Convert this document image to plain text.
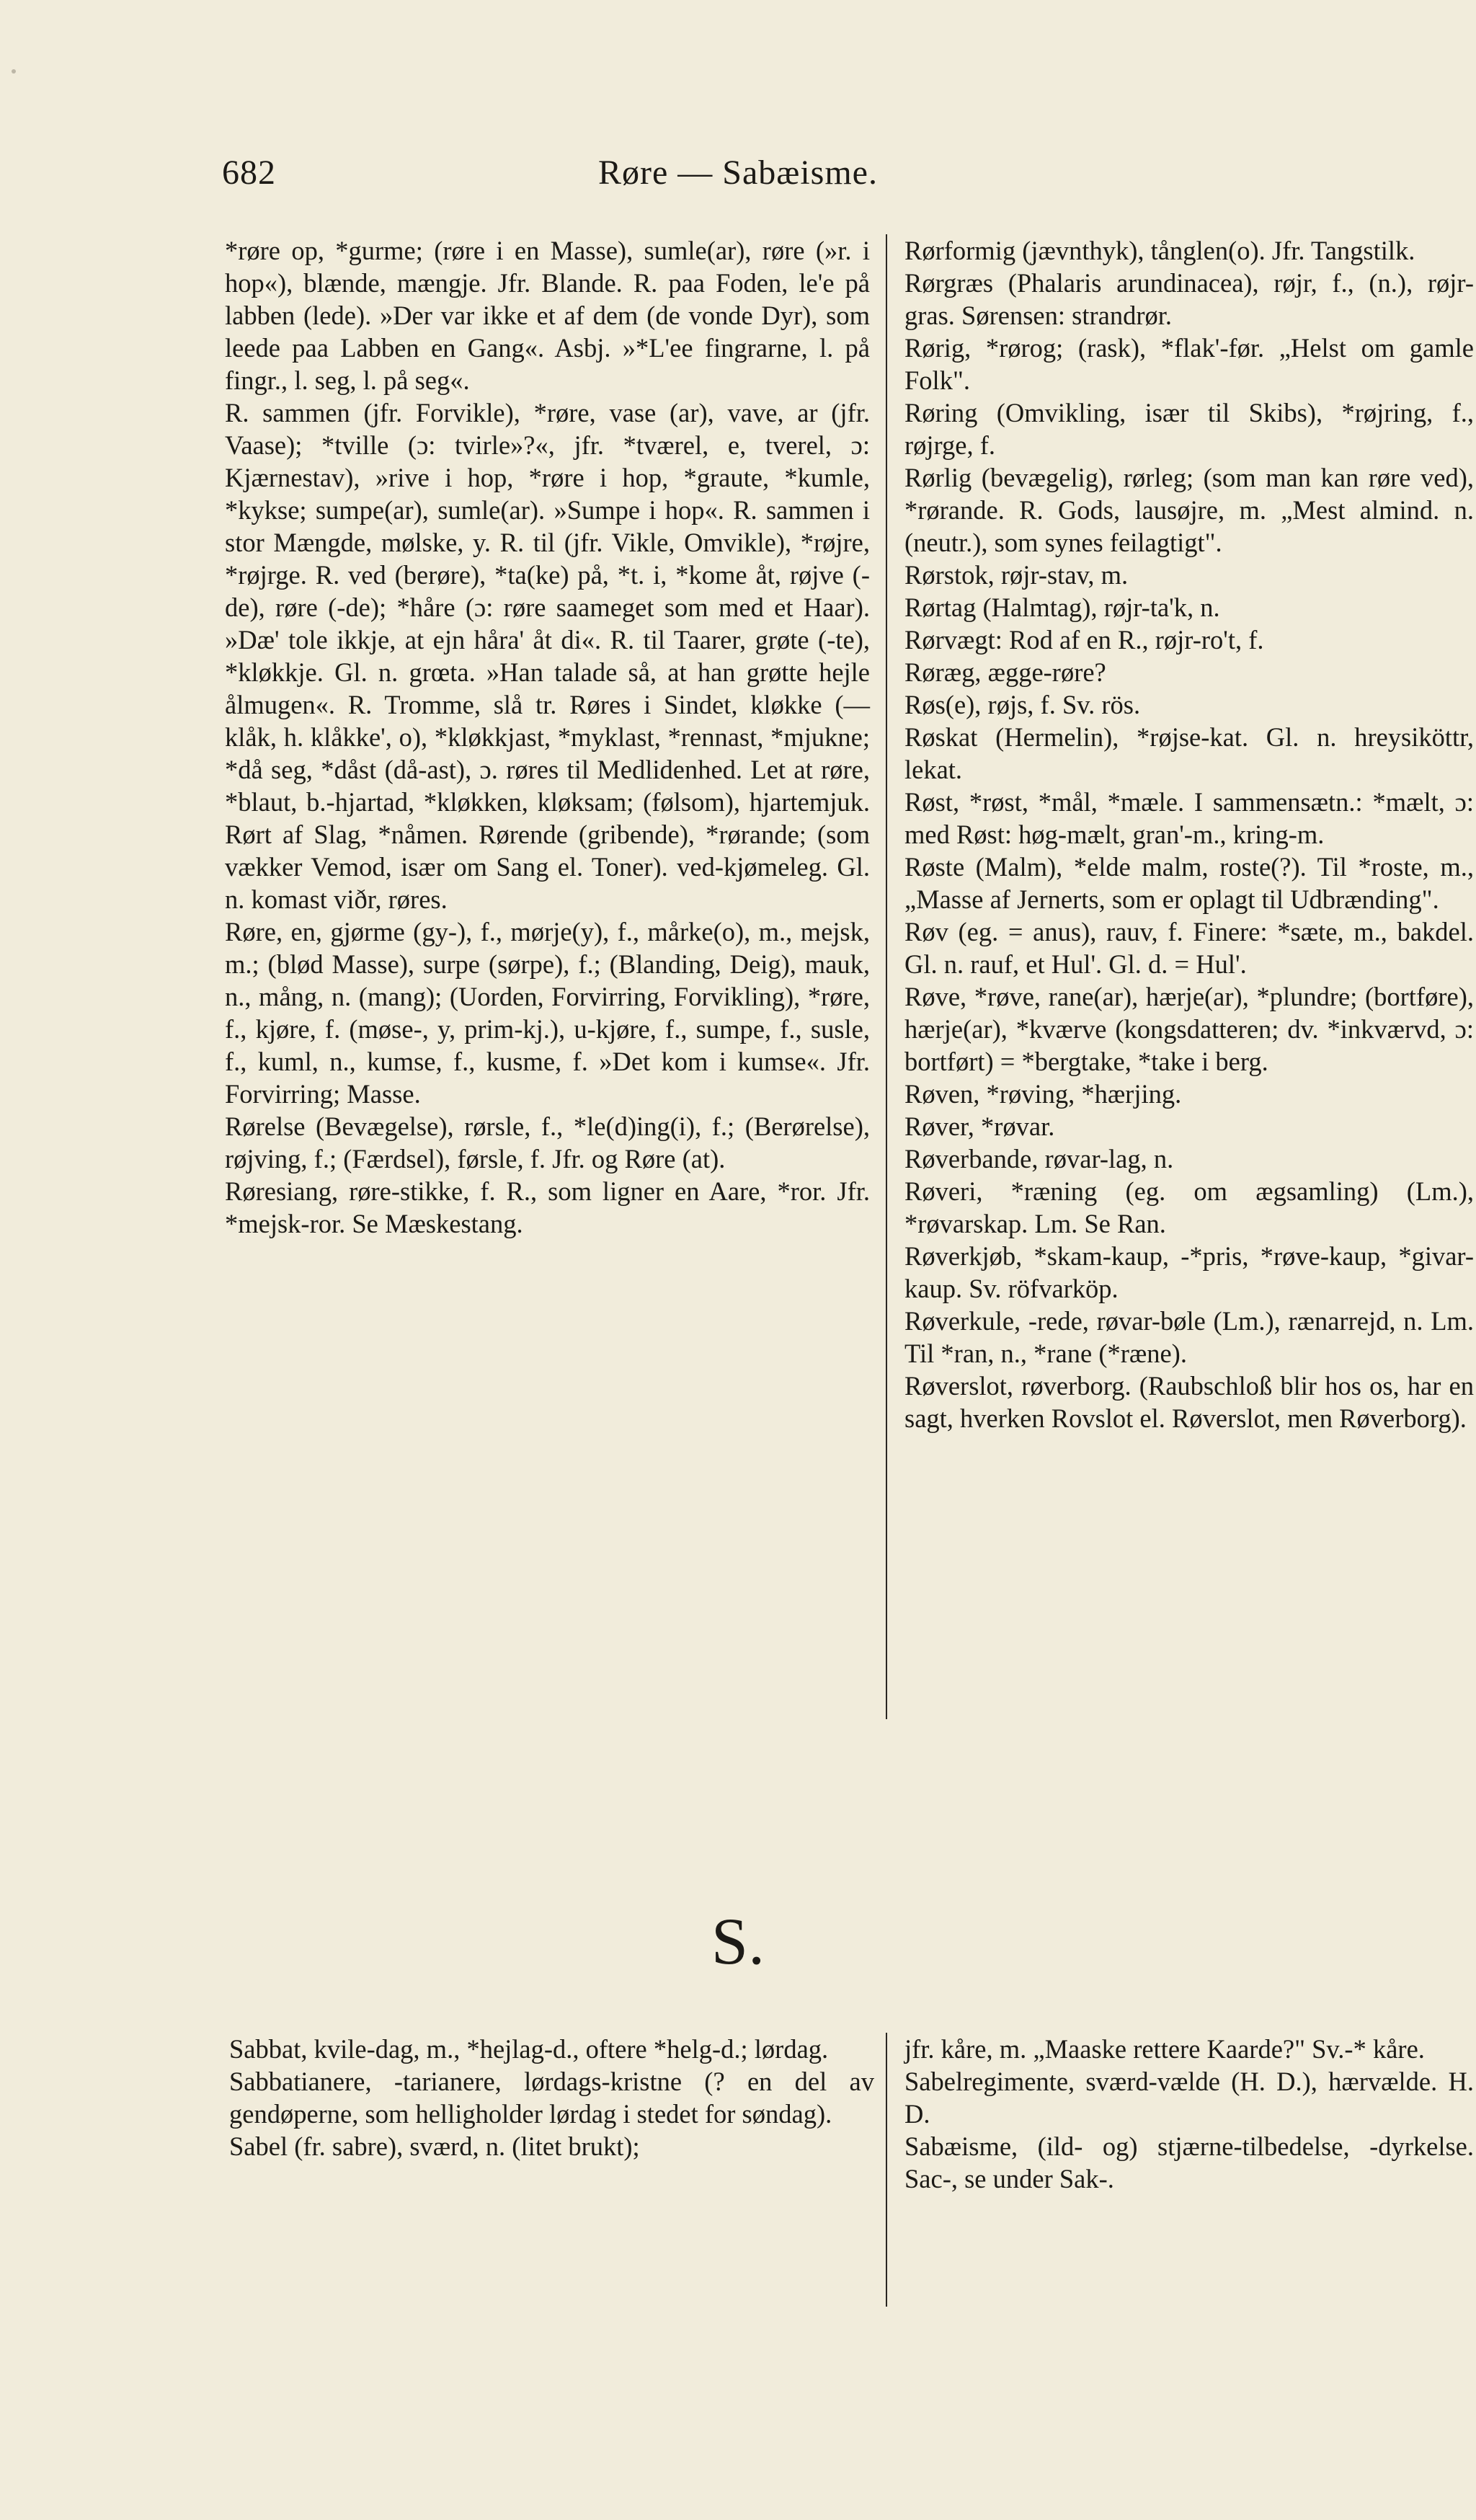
682	Røre — Sabæisme.

*røre op, *gurme; (røre i en Masse), sumle(ar), røre (»r. i hop«), blænde, mængje. Jfr. Blande. R. paa Foden, le'e på labben (lede). »Der var ikke et af dem (de vonde Dyr), som leede paa Labben en Gang«. Asbj. »*L'ee fingrarne, l. på fingr., l. seg, l. på seg«.

R. sammen (jfr. Forvikle), *røre, vase (ar), vave, ar (jfr. Vaase); *tville (ɔ: tvirle»?«, jfr. *tværel, e, tverel, ɔ: Kjærnestav), »rive i hop, *røre i hop, *graute, *kumle, *kykse; sumpe(ar), sumle(ar). »Sumpe i hop«. R. sammen i stor Mængde, mølske, y. R. til (jfr. Vikle, Omvikle), *røjre, *røjrge. R. ved (berøre), *ta(ke) på, *t. i, *kome åt, røjve (-de), røre (-de); *håre (ɔ: røre saameget som med et Haar). »Dæ' tole ikkje, at ejn håra' åt di«. R. til Taarer, grøte (-te), *kløkkje. Gl. n. grœta. »Han talade så, at han grøtte hejle ålmugen«. R. Tromme, slå tr. Røres i Sindet, kløkke (— klåk, h. klåkke', o), *kløkkjast, *myklast, *rennast, *mjukne; *då seg, *dåst (då-ast), ɔ. røres til Medlidenhed. Let at røre, *blaut, b.-hjartad, *kløkken, kløksam; (følsom), hjartemjuk. Rørt af Slag, *nåmen. Rørende (gribende), *rørande; (som vækker Vemod, især om Sang el. Toner). ved-kjømeleg. Gl. n. komast viðr, røres.

Røre, en, gjørme (gy-), f., mørje(y), f., mårke(o), m., mejsk, m.; (blød Masse), surpe (sørpe), f.; (Blanding, Deig), mauk, n., mång, n. (mang); (Uorden, Forvirring, Forvikling), *røre, f., kjøre, f. (møse-, y, prim-kj.), u-kjøre, f., sumpe, f., susle, f., kuml, n., kumse, f., kusme, f. »Det kom i kumse«. Jfr. Forvirring; Masse.

Rørelse (Bevægelse), rørsle, f., *le(d)ing(i), f.; (Berørelse), røjving, f.; (Færdsel), førsle, f. Jfr. og Røre (at).

Røresiang, røre-stikke, f. R., som ligner en Aare, *ror. Jfr. *mejsk-ror. Se Mæskestang.

Rørformig (jævnthyk), tånglen(o). Jfr. Tangstilk.

Rørgræs (Phalaris arundinacea), røjr, f., (n.), røjr-gras. Sørensen: strandrør.

Rørig, *rørog; (rask), *flak'-før. „Helst om gamle Folk".

Røring (Omvikling, især til Skibs), *røjring, f., røjrge, f.

Rørlig (bevægelig), rørleg; (som man kan røre ved), *rørande. R. Gods, lausøjre, m. „Mest almind. n. (neutr.), som synes feilagtigt".

Rørstok, røjr-stav, m.

Rørtag (Halmtag), røjr-ta'k, n.

Rørvægt: Rod af en R., røjr-ro't, f.

Røræg, ægge-røre?

Røs(e), røjs, f. Sv. rös.

Røskat (Hermelin), *røjse-kat. Gl. n. hreysiköttr, lekat.

Røst, *røst, *mål, *mæle. I sammensætn.: *mælt, ɔ: med Røst: høg-mælt, gran'-m., kring-m.

Røste (Malm), *elde malm, roste(?). Til *roste, m., „Masse af Jernerts, som er oplagt til Udbrænding".

Røv (eg. = anus), rauv, f. Finere: *sæte, m., bakdel. Gl. n. rauf, et Hul'. Gl. d. = Hul'.

Røve, *røve, rane(ar), hærje(ar), *plundre; (bortføre), hærje(ar), *kværve (kongsdatteren; dv. *inkværvd, ɔ: bortført) = *bergtake, *take i berg.

Røven, *røving, *hærjing.

Røver, *røvar.

Røverbande, røvar-lag, n.

Røveri, *ræning (eg. om ægsamling) (Lm.), *røvarskap. Lm. Se Ran.

Røverkjøb, *skam-kaup, -*pris, *røve-kaup, *givar-kaup. Sv. röfvarköp.

Røverkule, -rede, røvar-bøle (Lm.), rænarrejd, n. Lm. Til *ran, n., *rane (*ræne).

Røverslot, røverborg. (Raubschloß blir hos os, har en sagt, hverken Rovslot el. Røverslot, men Røverborg).

S.

Sabbat, kvile-dag, m., *hejlag-d., oftere *helg-d.; lørdag.

Sabbatianere, -tarianere, lørdags-kristne (? en del av gendøperne, som helligholder lørdag i stedet for søndag).

Sabel (fr. sabre), sværd, n. (litet brukt);

jfr. kåre, m. „Maaske rettere Kaarde?" Sv.-* kåre.

Sabelregimente, sværd-vælde (H. D.), hærvælde. H. D.

Sabæisme, (ild- og) stjærne-tilbedelse, -dyrkelse. Sac-, se under Sak-.
